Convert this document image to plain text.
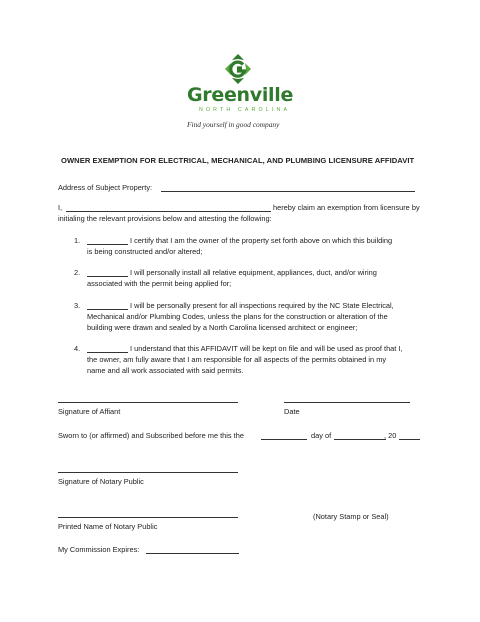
Greenville
NORTH CAROLINA
Find yourself in good company
OWNER EXEMPTION FOR ELECTRICAL, MECHANICAL, AND PLUMBING LICENSURE AFFIDAVIT
Address of Subject Property:
I,	hereby claim an exemption from licensure by
initialing the relevant provisions below and attesting the following:
1.	I certify that I am the owner of the property set forth above on which this building
is being constructed and/or altered;
2.	I will personally install all relative equipment, appliances, duct, and/or wiring
associated with the permit being applied for;
3.	I will be personally present for all inspections required by the NC State Electrical,
Mechanical and/or Plumbing Codes, unless the plans for the construction or alteration of the
building were drawn and sealed by a North Carolina licensed architect or engineer;
4.	I understand that this AFFIDAVIT will be kept on file and will be used as proof that I,
the owner, am fully aware that I am responsible for all aspects of the permits obtained in my
name and all work associated with said permits.
Signature of Affiant	Date
Sworn to (or affirmed) and Subscribed before me this the	day of	, 20
Signature of Notary Public
(Notary Stamp or Seal)
Printed Name of Notary Public
My Commission Expires:
